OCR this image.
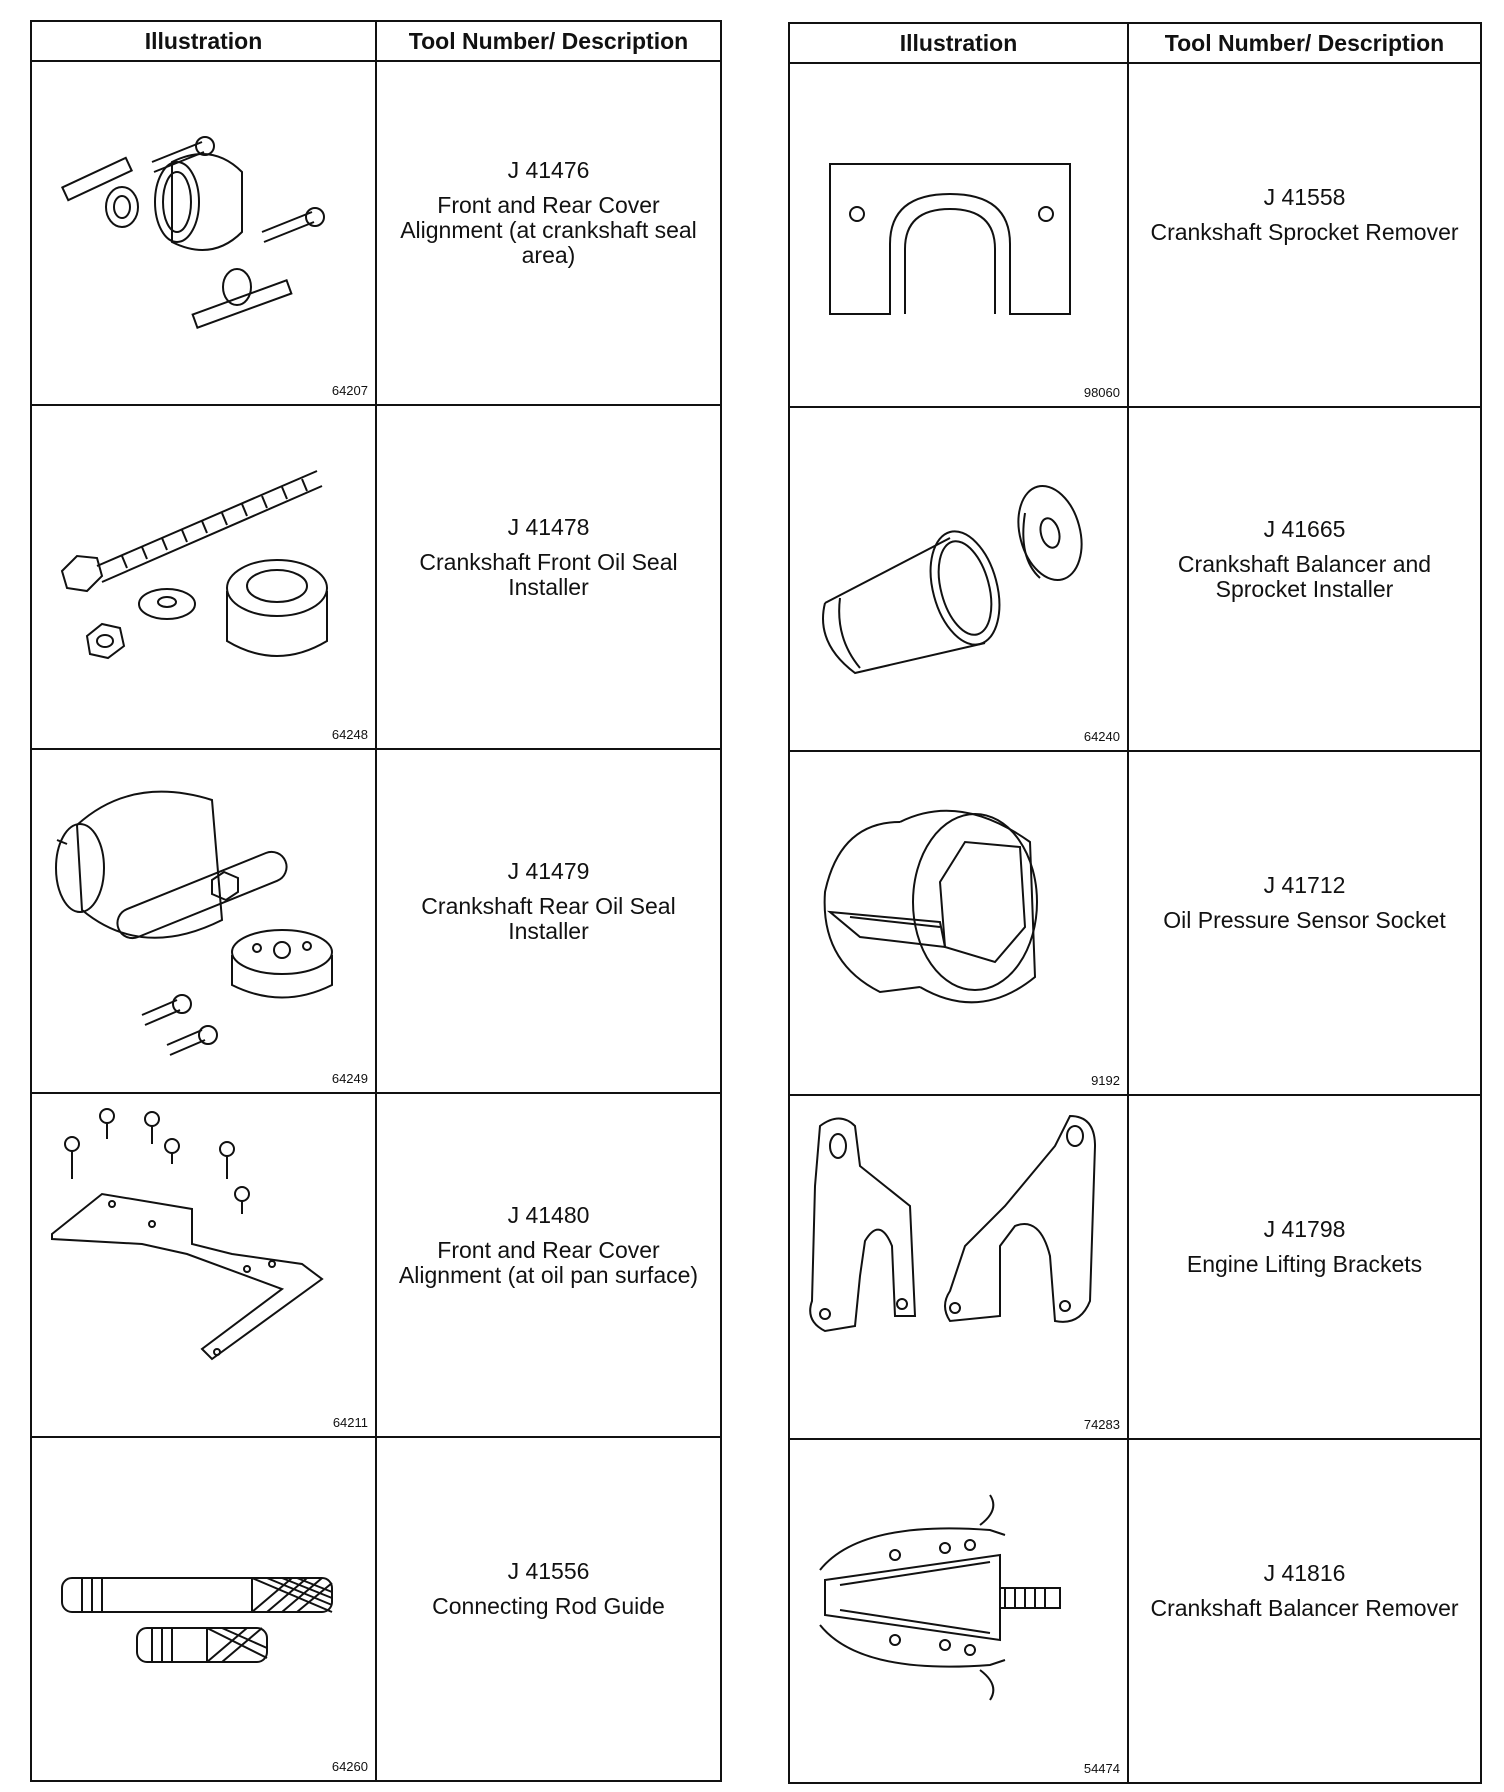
Illustration	Tool Number/ Description

64207	J 41476
Front and Rear Cover Alignment (at crankshaft seal area)

64248	J 41478
Crankshaft Front Oil Seal Installer

64249	J 41479
Crankshaft Rear Oil Seal Installer

64211	J 41480
Front and Rear Cover Alignment (at oil pan surface)

64260	J 41556
Connecting Rod Guide
Illustration	Tool Number/ Description

98060	J 41558
Crankshaft Sprocket Remover

64240	J 41665
Crankshaft Balancer and Sprocket Installer

9192	J 41712
Oil Pressure Sensor Socket

74283	J 41798
Engine Lifting Brackets

54474	J 41816
Crankshaft Balancer Remover
